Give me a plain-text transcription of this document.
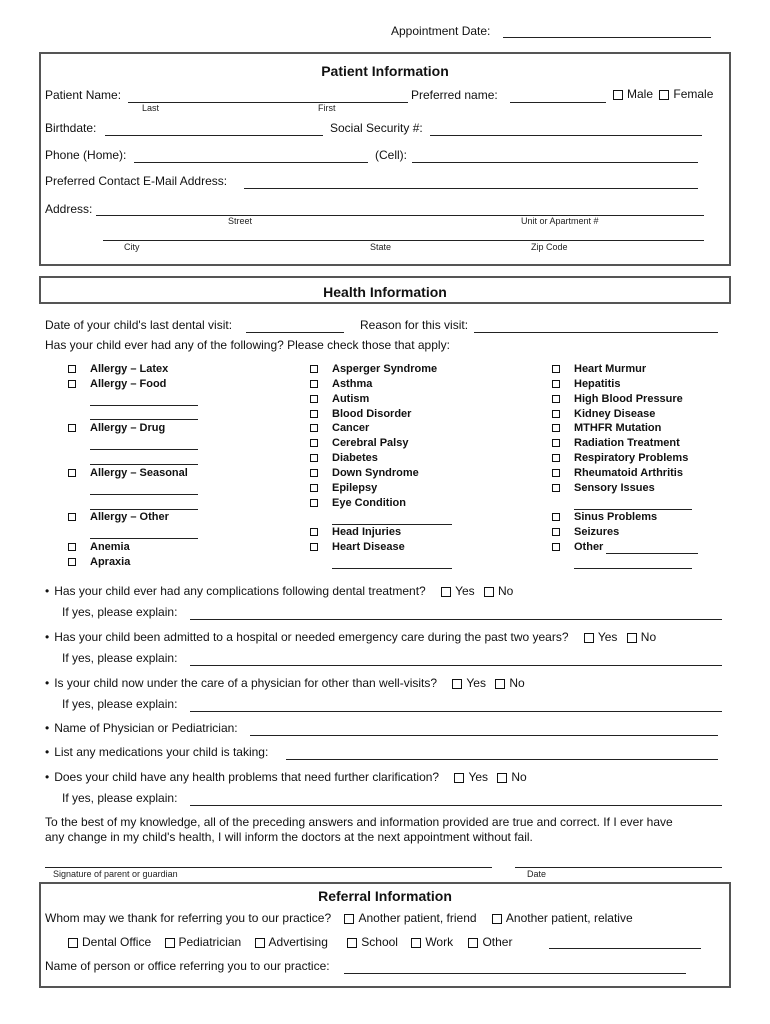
Appointment Date:
Patient Information
Patient Name:	Preferred name:	Male Female
Last	First
Birthdate:	Social Security #:
Phone (Home):	(Cell):
Preferred Contact E-Mail Address:
Address:
Street	Unit or Apartment #
City	State	Zip Code
Health Information
Date of your child's last dental visit:	Reason for this visit:
Has your child ever had any of the following? Please check those that apply:
Allergy – Latex
Allergy – Food
Allergy – Drug
Allergy – Seasonal
Allergy – Other
Anemia
Apraxia
Asperger Syndrome
Asthma
Autism
Blood Disorder
Cancer
Cerebral Palsy
Diabetes
Down Syndrome
Epilepsy
Eye Condition
Head Injuries
Heart Disease
Heart Murmur
Hepatitis
High Blood Pressure
Kidney Disease
MTHFR Mutation
Radiation Treatment
Respiratory Problems
Rheumatoid Arthritis
Sensory Issues
Sinus Problems
Seizures
Other
• Has your child ever had any complications following dental treatment? Yes No
If yes, please explain:
• Has your child been admitted to a hospital or needed emergency care during the past two years? Yes No
If yes, please explain:
• Is your child now under the care of a physician for other than well-visits? Yes No
If yes, please explain:
• Name of Physician or Pediatrician:
• List any medications your child is taking:
• Does your child have any health problems that need further clarification? Yes No
If yes, please explain:
To the best of my knowledge, all of the preceding answers and information provided are true and correct. If I ever have
any change in my child's health, I will inform the doctors at the next appointment without fail.
Signature of parent or guardian	Date
Referral Information
Whom may we thank for referring you to our practice? Another patient, friend Another patient, relative
Dental Office Pediatrician Advertising	School Work Other
Name of person or office referring you to our practice:
